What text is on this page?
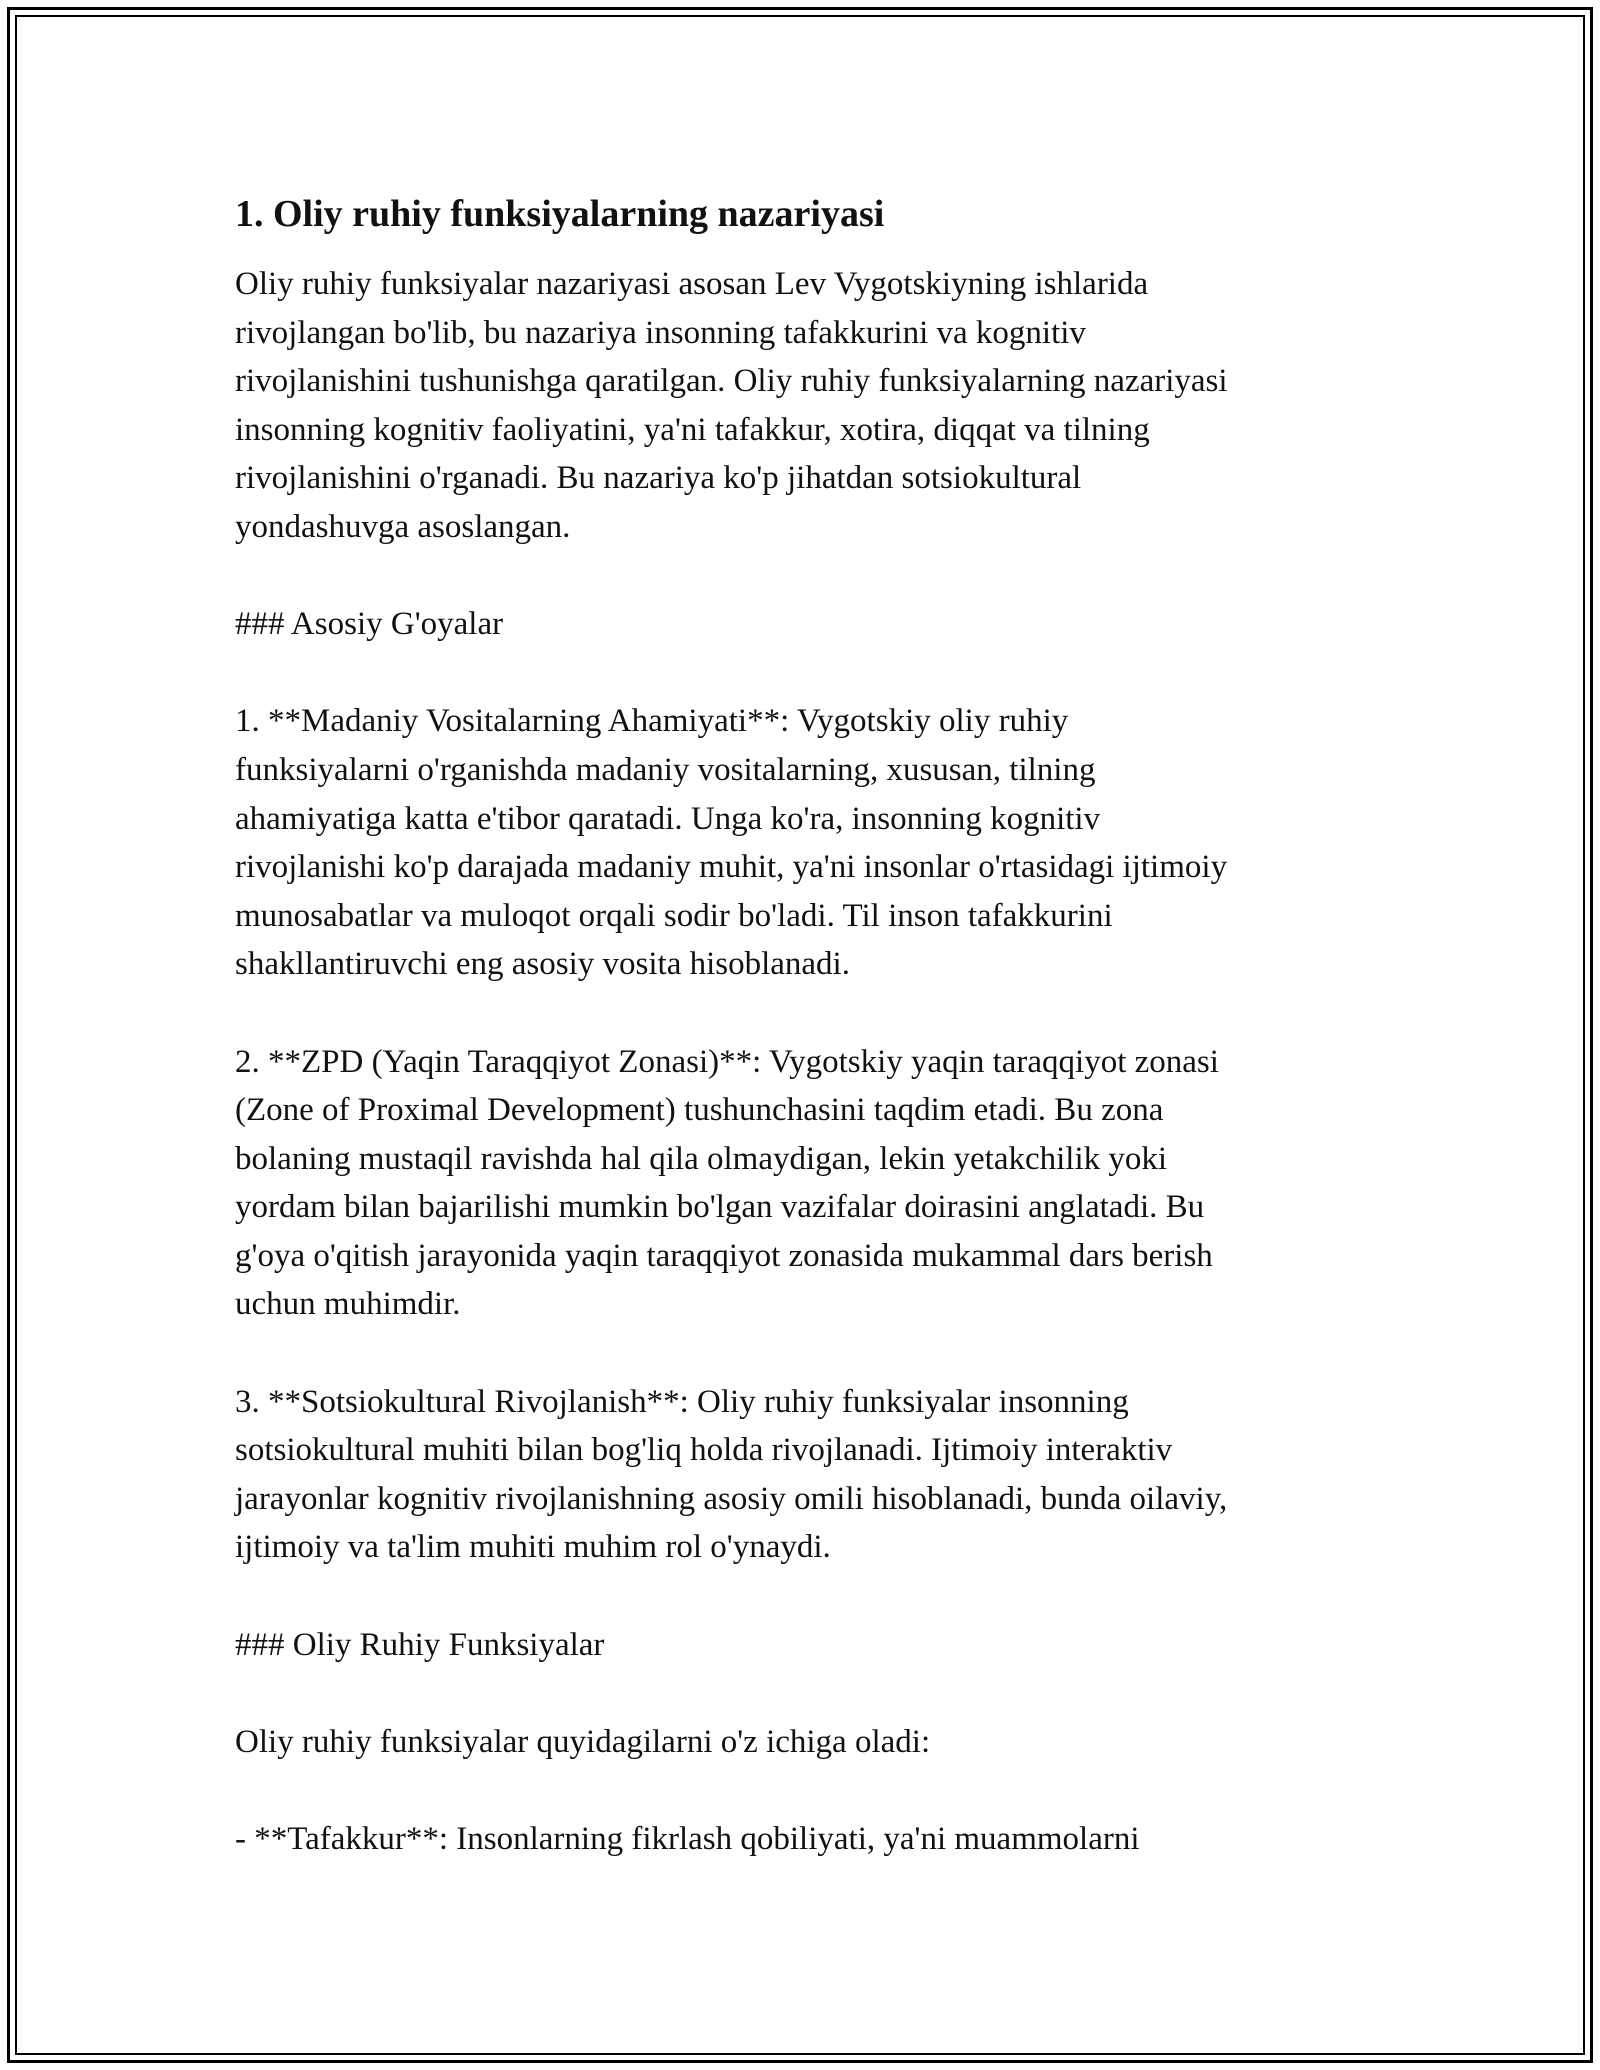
1. Oliy ruhiy funksiyalarning nazariyasi

Oliy ruhiy funksiyalar nazariyasi asosan Lev Vygotskiyning ishlarida
rivojlangan bo'lib, bu nazariya insonning tafakkurini va kognitiv
rivojlanishini tushunishga qaratilgan. Oliy ruhiy funksiyalarning nazariyasi
insonning kognitiv faoliyatini, ya'ni tafakkur, xotira, diqqat va tilning
rivojlanishini o'rganadi. Bu nazariya ko'p jihatdan sotsiokultural
yondashuvga asoslangan.

### Asosiy G'oyalar

1. **Madaniy Vositalarning Ahamiyati**: Vygotskiy oliy ruhiy
funksiyalarni o'rganishda madaniy vositalarning, xususan, tilning
ahamiyatiga katta e'tibor qaratadi. Unga ko'ra, insonning kognitiv
rivojlanishi ko'p darajada madaniy muhit, ya'ni insonlar o'rtasidagi ijtimoiy
munosabatlar va muloqot orqali sodir bo'ladi. Til inson tafakkurini
shakllantiruvchi eng asosiy vosita hisoblanadi.

2. **ZPD (Yaqin Taraqqiyot Zonasi)**: Vygotskiy yaqin taraqqiyot zonasi
(Zone of Proximal Development) tushunchasini taqdim etadi. Bu zona
bolaning mustaqil ravishda hal qila olmaydigan, lekin yetakchilik yoki
yordam bilan bajarilishi mumkin bo'lgan vazifalar doirasini anglatadi. Bu
g'oya o'qitish jarayonida yaqin taraqqiyot zonasida mukammal dars berish
uchun muhimdir.

3. **Sotsiokultural Rivojlanish**: Oliy ruhiy funksiyalar insonning
sotsiokultural muhiti bilan bog'liq holda rivojlanadi. Ijtimoiy interaktiv
jarayonlar kognitiv rivojlanishning asosiy omili hisoblanadi, bunda oilaviy,
ijtimoiy va ta'lim muhiti muhim rol o'ynaydi.

### Oliy Ruhiy Funksiyalar

Oliy ruhiy funksiyalar quyidagilarni o'z ichiga oladi:

- **Tafakkur**: Insonlarning fikrlash qobiliyati, ya'ni muammolarni
